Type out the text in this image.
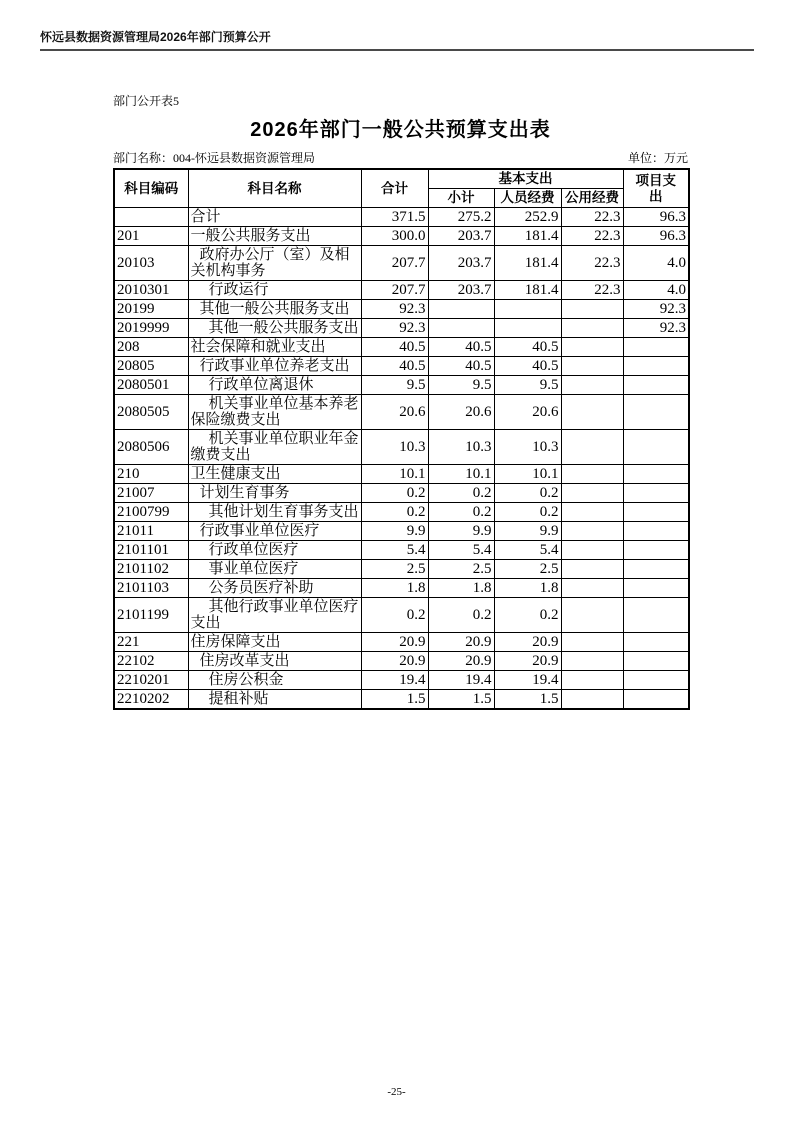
怀远县数据资源管理局2026年部门预算公开
部门公开表5
2026年部门一般公共预算支出表
部门名称：004-怀远县数据资源管理局	单位：万元
科目编码	科目名称	合计	基本支出			项目支出
			小计	人员经费	公用经费	
	合计	371.5	275.2	252.9	22.3	96.3
201	一般公共服务支出	300.0	203.7	181.4	22.3	96.3
20103	政府办公厅（室）及相关机构事务	207.7	203.7	181.4	22.3	4.0
2010301	行政运行	207.7	203.7	181.4	22.3	4.0
20199	其他一般公共服务支出	92.3				92.3
2019999	其他一般公共服务支出	92.3				92.3
208	社会保障和就业支出	40.5	40.5	40.5		
20805	行政事业单位养老支出	40.5	40.5	40.5		
2080501	行政单位离退休	9.5	9.5	9.5		
2080505	机关事业单位基本养老保险缴费支出	20.6	20.6	20.6		
2080506	机关事业单位职业年金缴费支出	10.3	10.3	10.3		
210	卫生健康支出	10.1	10.1	10.1		
21007	计划生育事务	0.2	0.2	0.2		
2100799	其他计划生育事务支出	0.2	0.2	0.2		
21011	行政事业单位医疗	9.9	9.9	9.9		
2101101	行政单位医疗	5.4	5.4	5.4		
2101102	事业单位医疗	2.5	2.5	2.5		
2101103	公务员医疗补助	1.8	1.8	1.8		
2101199	其他行政事业单位医疗支出	0.2	0.2	0.2		
221	住房保障支出	20.9	20.9	20.9		
22102	住房改革支出	20.9	20.9	20.9		
2210201	住房公积金	19.4	19.4	19.4		
2210202	提租补贴	1.5	1.5	1.5		
-25-
